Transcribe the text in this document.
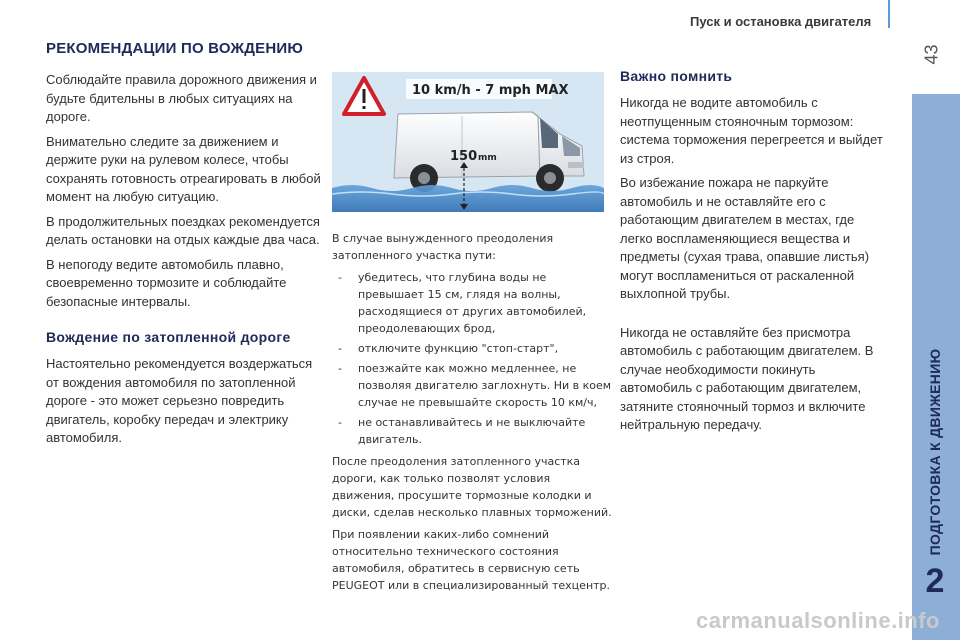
Пуск и остановка двигателя
43
ПОДГОТОВКА К ДВИЖЕНИЮ
2
РЕКОМЕНДАЦИИ ПО ВОЖДЕНИЮ

Соблюдайте правила дорожного движения и будьте бдительны в любых ситуациях на дороге.

Внимательно следите за движением и держите руки на рулевом колесе, чтобы сохранять готовность отреагировать в любой момент на любую ситуацию.

В продолжительных поездках рекомендуется делать остановки на отдых каждые два часа.

В непогоду ведите автомобиль плавно, своевременно тормозите и соблюдайте безопасные интервалы.

Вождение по затопленной дороге

Настоятельно рекомендуется воздержаться от вождения автомобиля по затопленной дороге - это может серьезно повредить двигатель, коробку передач и электрику автомобиля.

10 km/h - 7 mph MAX
150 mm

В случае вынужденного преодоления затопленного участка пути:

- убедитесь, что глубина воды не превышает 15 см, глядя на волны, расходящиеся от других автомобилей, преодолевающих брод,
- отключите функцию "стоп-старт",
- поезжайте как можно медленнее, не позволяя двигателю заглохнуть. Ни в коем случае не превышайте скорость 10 км/ч,
- не останавливайтесь и не выключайте двигатель.

После преодоления затопленного участка дороги, как только позволят условия движения, просушите тормозные колодки и диски, сделав несколько плавных торможений.

При появлении каких-либо сомнений относительно технического состояния автомобиля, обратитесь в сервисную сеть PEUGEOT или в специализированный техцентр.

Важно помнить

Никогда не водите автомобиль с неотпущенным стояночным тормозом: система торможения перегреется и выйдет из строя.

Во избежание пожара не паркуйте автомобиль и не оставляйте его с работающим двигателем в местах, где легко воспламеняющиеся вещества и предметы (сухая трава, опавшие листья) могут воспламениться от раскаленной выхлопной трубы.

Никогда не оставляйте без присмотра автомобиль с работающим двигателем. В случае необходимости покинуть автомобиль с работающим двигателем, затяните стояночный тормоз и включите нейтральную передачу.

carmanualsonline.info
